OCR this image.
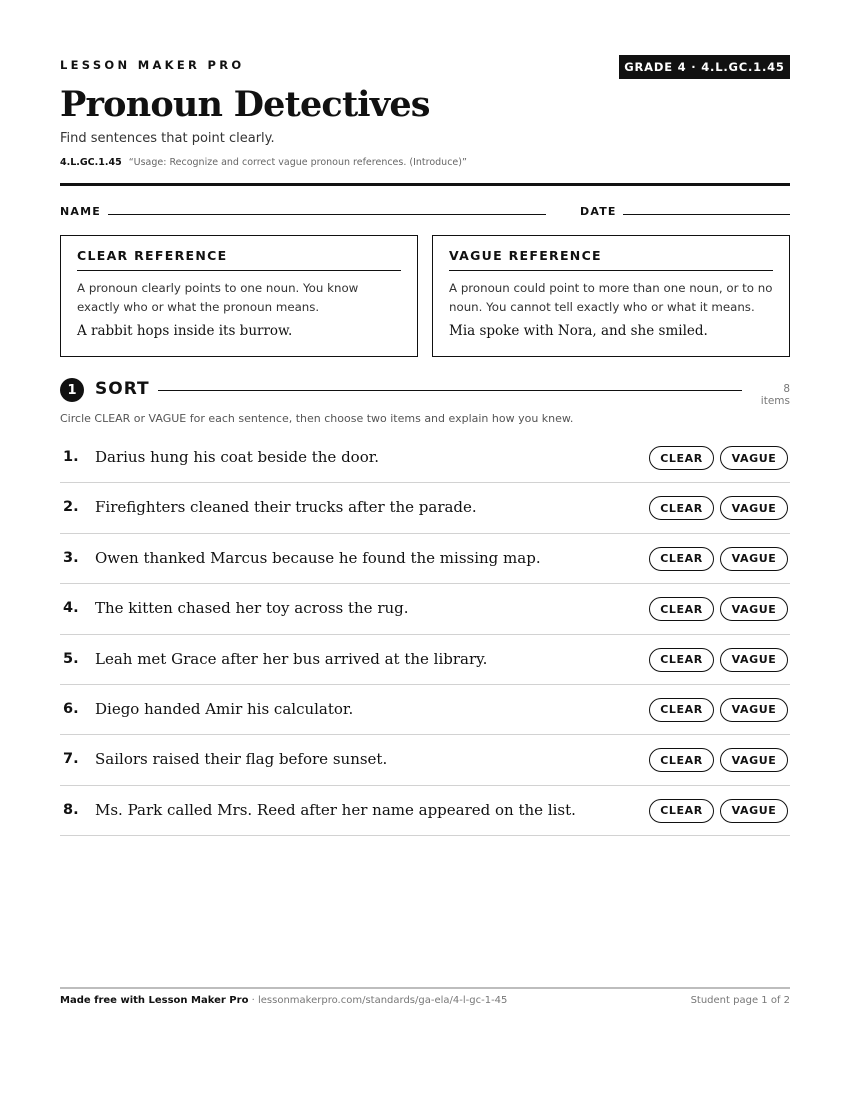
LESSON MAKER PRO	GRADE 4 · 4.L.GC.1.45
Pronoun Detectives
Find sentences that point clearly.
4.L.GC.1.45 “Usage: Recognize and correct vague pronoun references. (Introduce)”
NAME	DATE
CLEAR REFERENCE
A pronoun clearly points to one noun. You know exactly who or what the pronoun means.
A rabbit hops inside its burrow.
VAGUE REFERENCE
A pronoun could point to more than one noun, or to no noun. You cannot tell exactly who or what it means.
Mia spoke with Nora, and she smiled.
1	SORT	8 items
Circle CLEAR or VAGUE for each sentence, then choose two items and explain how you knew.
1. Darius hung his coat beside the door.	CLEAR	VAGUE
2. Firefighters cleaned their trucks after the parade.	CLEAR	VAGUE
3. Owen thanked Marcus because he found the missing map.	CLEAR	VAGUE
4. The kitten chased her toy across the rug.	CLEAR	VAGUE
5. Leah met Grace after her bus arrived at the library.	CLEAR	VAGUE
6. Diego handed Amir his calculator.	CLEAR	VAGUE
7. Sailors raised their flag before sunset.	CLEAR	VAGUE
8. Ms. Park called Mrs. Reed after her name appeared on the list.	CLEAR	VAGUE
Made free with Lesson Maker Pro · lessonmakerpro.com/standards/ga-ela/4-l-gc-1-45	Student page 1 of 2
